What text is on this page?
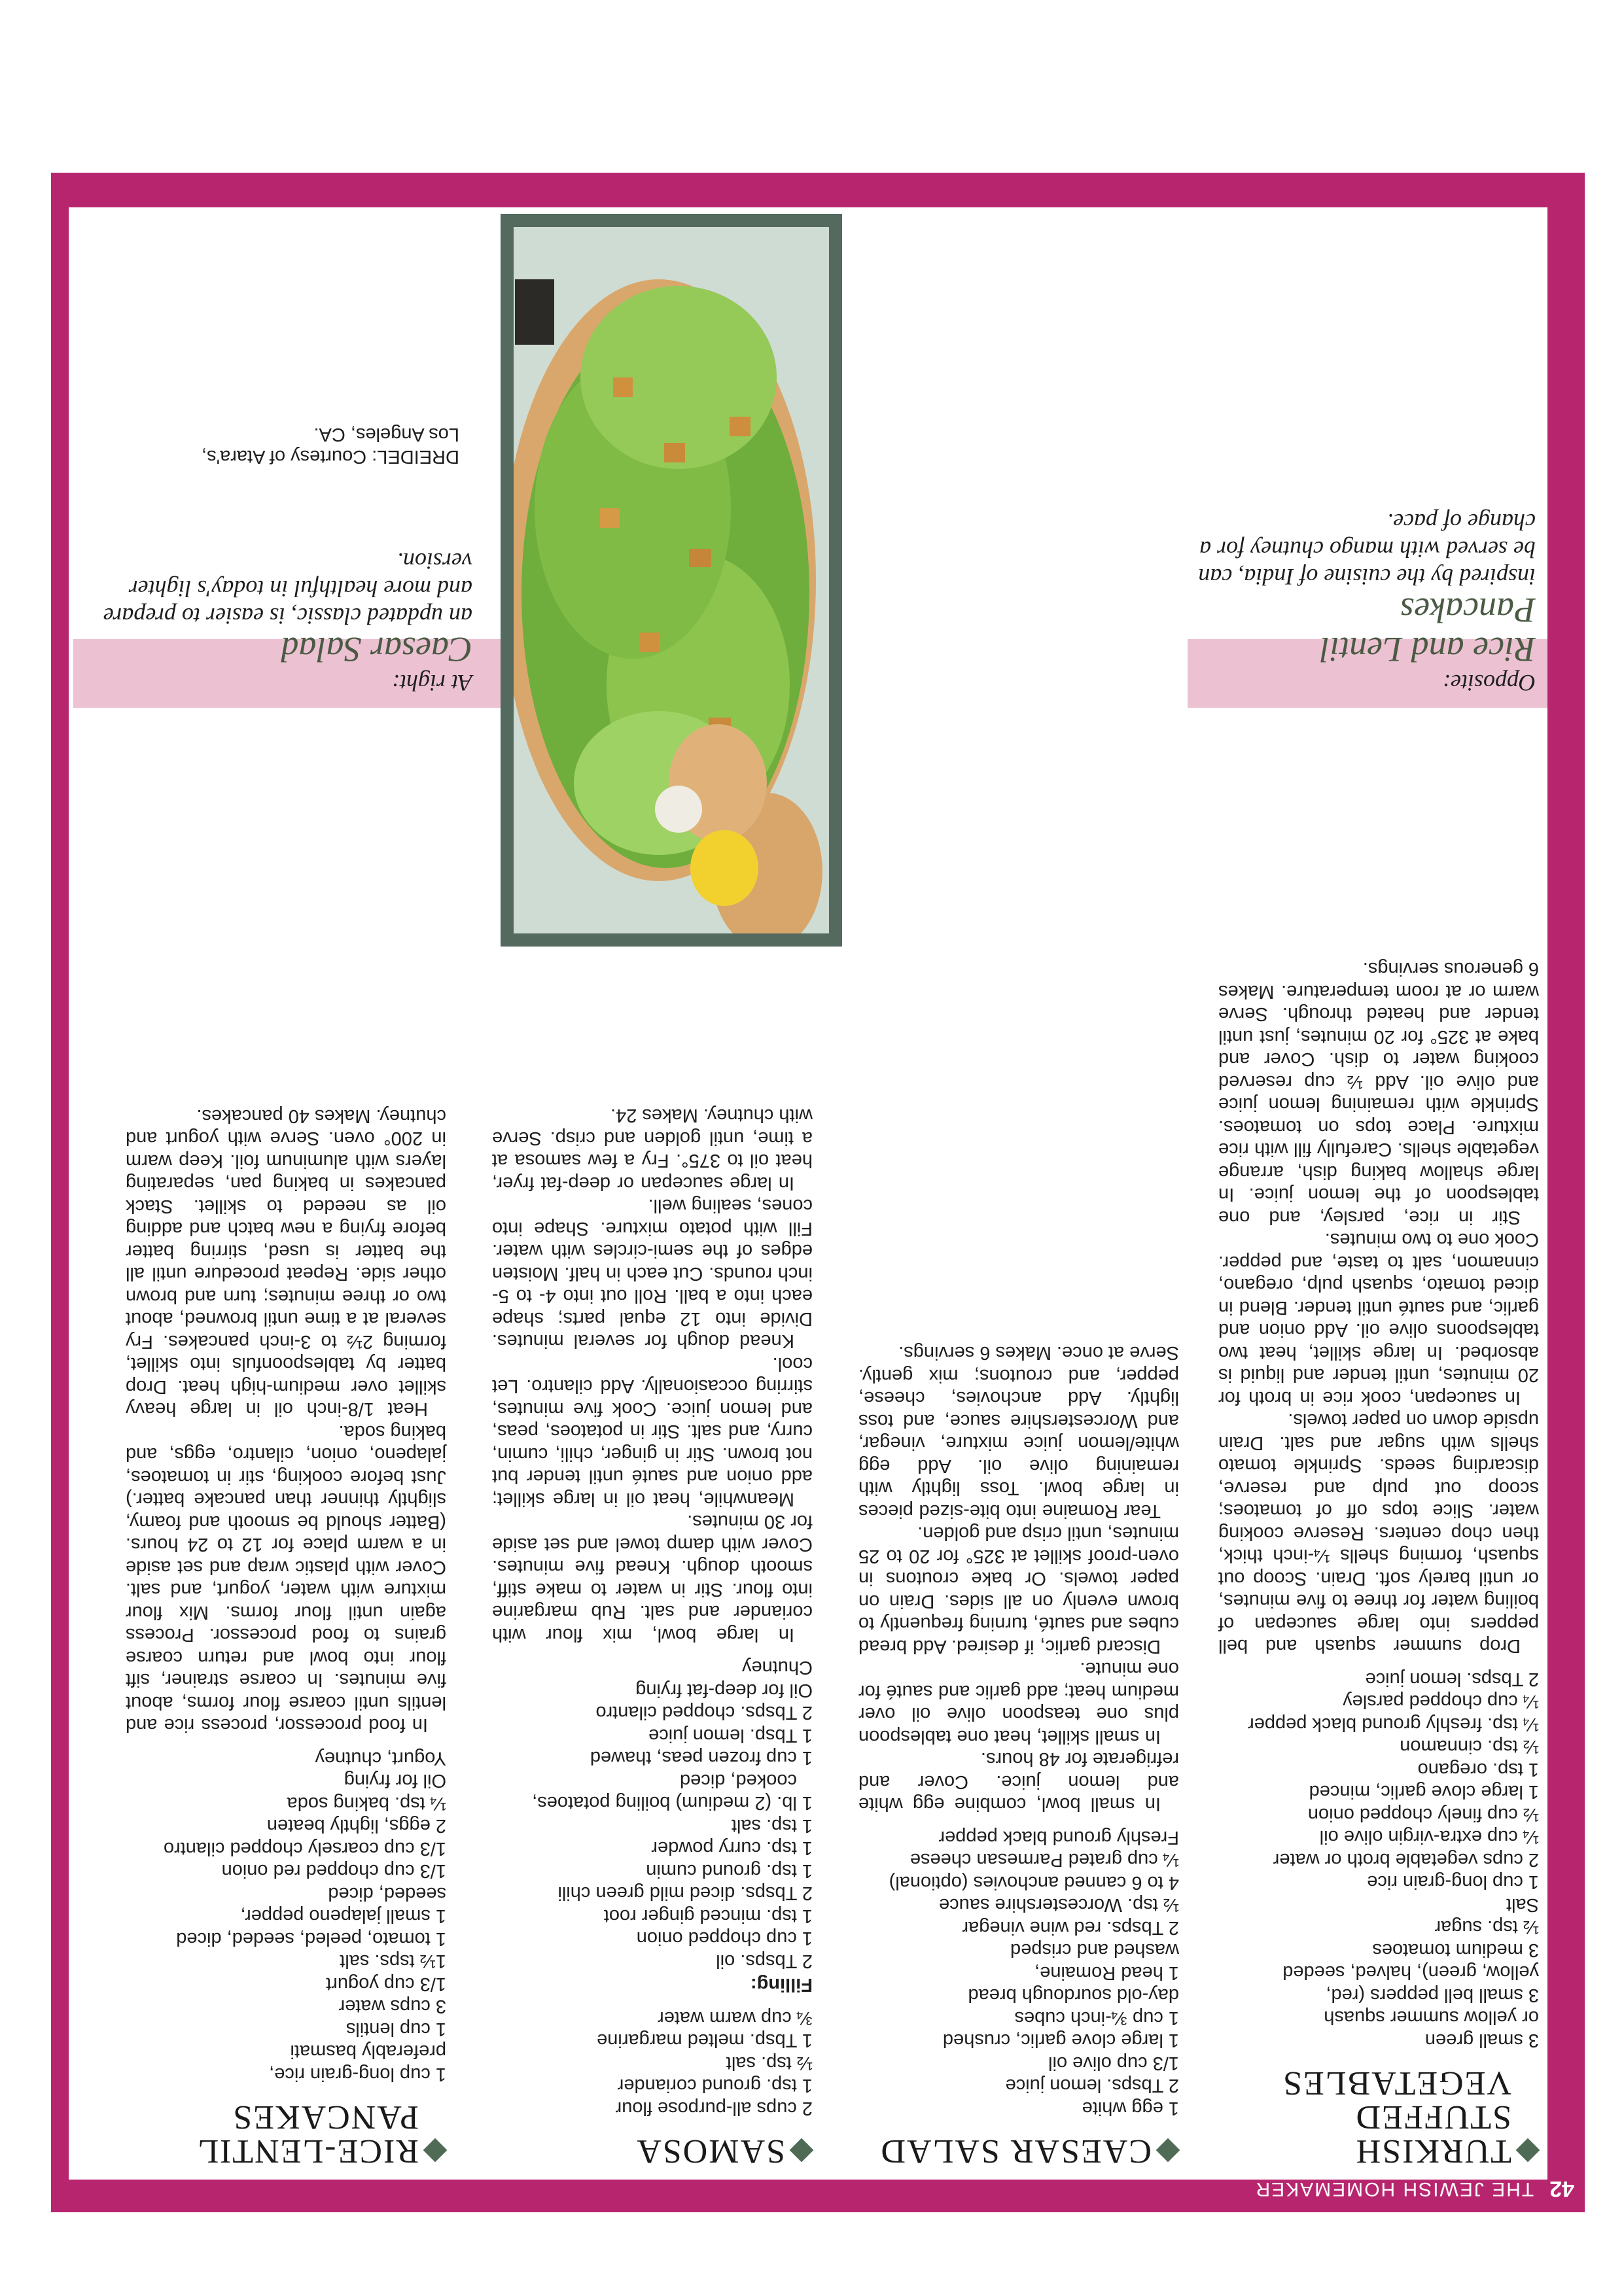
42
THE JEWISH HOMEMAKER
TURKISH
STUFFED
VEGETABLES
3 small green
or yellow summer squash
3 small bell peppers (red,
yellow, green), halved, seeded
3 medium tomatoes
½ tsp. sugar
Salt
1 cup long-grain rice
2 cups vegetable broth or water
¼ cup extra-virgin olive oil
½ cup finely chopped onion
1 large clove garlic, minced
1 tsp. oregano
½ tsp. cinnamon
¼ tsp. freshly ground black pepper
¼ cup chopped parsley
2 Tbsps. lemon juice

Drop summer squash and bell peppers into large saucepan of boiling water for three to five minutes, or until barely soft. Drain. Scoop out squash, forming shells ¼-inch thick, then chop centers. Reserve cooking water. Slice tops off of tomatoes; scoop out pulp and reserve, discarding seeds. Sprinkle tomato shells with sugar and salt. Drain upside down on paper towels.

In saucepan, cook rice in broth for 20 minutes, until tender and liquid is absorbed. In large skillet, heat two tablespoons olive oil. Add onion and garlic, and sauté until tender. Blend in diced tomato, squash pulp, oregano, cinnamon, salt to taste, and pepper. Cook one to two minutes.

Stir in rice, parsley, and one tablespoon of the lemon juice. In large shallow baking dish, arrange vegetable shells. Carefully fill with rice mixture. Place tops on tomatoes. Sprinkle with remaining lemon juice and olive oil. Add ½ cup reserved cooking water to dish. Cover and bake at 325° for 20 minutes, just until tender and heated through. Serve warm or at room temperature. Makes 6 generous servings.

CAESAR SALAD
1 egg white
2 Tbsps. lemon juice
1/3 cup olive oil
1 large clove garlic, crushed
1 cup ¾-inch cubes
day-old sourdough bread
1 head Romaine,
washed and crisped
2 Tbsps. red wine vinegar
½ tsp. Worcestershire sauce
4 to 6 canned anchovies (optional)
¼ cup grated Parmesan cheese
Freshly ground black pepper

In small bowl, combine egg white and lemon juice. Cover and refrigerate for 48 hours.

In small skillet, heat one tablespoon plus one teaspoon olive oil over medium heat; add garlic and sauté for one minute.

Discard garlic, if desired. Add bread cubes and sauté, turning frequently to brown evenly on all sides. Drain on paper towels. Or bake croutons in oven-proof skillet at 325° for 20 to 25 minutes, until crisp and golden.

Tear Romaine into bite-sized pieces in large bowl. Toss lightly with remaining olive oil. Add egg white/lemon juice mixture, vinegar, and Worcestershire sauce, and toss lightly. Add anchovies, cheese, pepper, and croutons; mix gently. Serve at once. Makes 6 servings.

SAMOSA
2 cups all-purpose flour
1 tsp. ground coriander
½ tsp. salt
1 Tbsp. melted margarine
¾ cup warm water
Filling:
2 Tbsps. oil
1 cup chopped onion
1 tsp. minced ginger root
2 Tbsps. diced mild green chili
1 tsp. ground cumin
1 tsp. curry powder
1 tsp. salt
1 lb. (2 medium) boiling potatoes, cooked, diced
1 cup frozen peas, thawed
1 Tbsp. lemon juice
2 Tbsps. chopped cilantro
Oil for deep-fat frying
Chutney

In large bowl, mix flour with coriander and salt. Rub margarine into flour. Stir in water to make stiff, smooth dough. Knead five minutes. Cover with damp towel and set aside for 30 minutes.

Meanwhile, heat oil in large skillet; add onion and sauté until tender but not brown. Stir in ginger, chili, cumin, curry, and salt. Stir in potatoes, peas, and lemon juice. Cook five minutes, stirring occasionally. Add cilantro. Let cool.

Knead dough for several minutes. Divide into 12 equal parts; shape each into a ball. Roll out into 4- to 5-inch rounds. Cut each in half. Moisten edges of the semi-circles with water. Fill with potato mixture. Shape into cones, sealing well.

In large saucepan or deep-fat fryer, heat oil to 375°. Fry a few samosa at a time, until golden and crisp. Serve with chutney. Makes 24.

RICE-LENTIL
PANCAKES
1 cup long-grain rice,
preferably basmati
1 cup lentils
3 cups water
1/3 cup yogurt
1½ tsps. salt
1 tomato, peeled, seeded, diced
1 small jalapeno pepper,
seeded, diced
1/3 cup chopped red onion
1/3 cup coarsely chopped cilantro
2 eggs, lightly beaten
¼ tsp. baking soda
Oil for frying
Yogurt, chutney

In food processor, process rice and lentils until coarse flour forms, about five minutes. In coarse strainer, sift flour into bowl and return coarse grains to food processor. Process again until flour forms. Mix flour mixture with water, yogurt, and salt. Cover with plastic wrap and set aside in a warm place for 12 to 24 hours. (Batter should be smooth and foamy, slightly thinner than pancake batter.) Just before cooking, stir in tomatoes, jalapeno, onion, cilantro, eggs, and baking soda.

Heat 1/8-inch oil in large heavy skillet over medium-high heat. Drop batter by tablespoonfuls into skillet, forming 2½ to 3-inch pancakes. Fry several at a time until browned, about two or three minutes; turn and brown other side. Repeat procedure until all the batter is used, stirring batter before frying a new batch and adding oil as needed to skillet. Stack pancakes in baking pan, separating layers with aluminum foil. Keep warm in 200° oven. Serve with yogurt and chutney. Makes 40 pancakes.

At right:
Caesar Salad
an updated classic, is easier to prepare and more healthful in today's lighter version.
Opposite:
Rice and Lentil Pancakes
inspired by the cuisine of India, can be served with mango chutney for a change of pace.
DREIDEL: Courtesy of Atara's, Los Angeles, CA.
